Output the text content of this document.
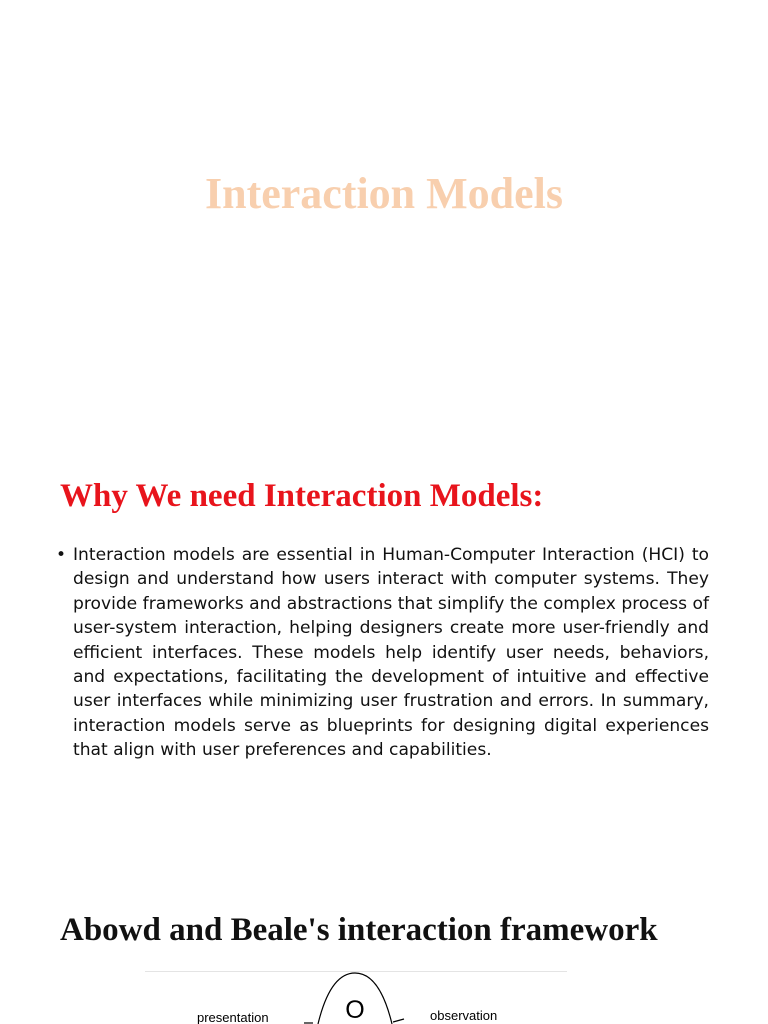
Interaction Models
Why We need Interaction Models:
• Interaction models are essential in Human-Computer Interaction (HCI) to design and understand how users interact with computer systems. They provide frameworks and abstractions that simplify the complex process of user-system interaction, helping designers create more user-friendly and efficient interfaces. These models help identify user needs, behaviors, and expectations, facilitating the development of intuitive and effective user interfaces while minimizing user frustration and errors. In summary, interaction models serve as blueprints for designing digital experiences that align with user preferences and capabilities.
Abowd and Beale's interaction framework
O
presentation	observation
